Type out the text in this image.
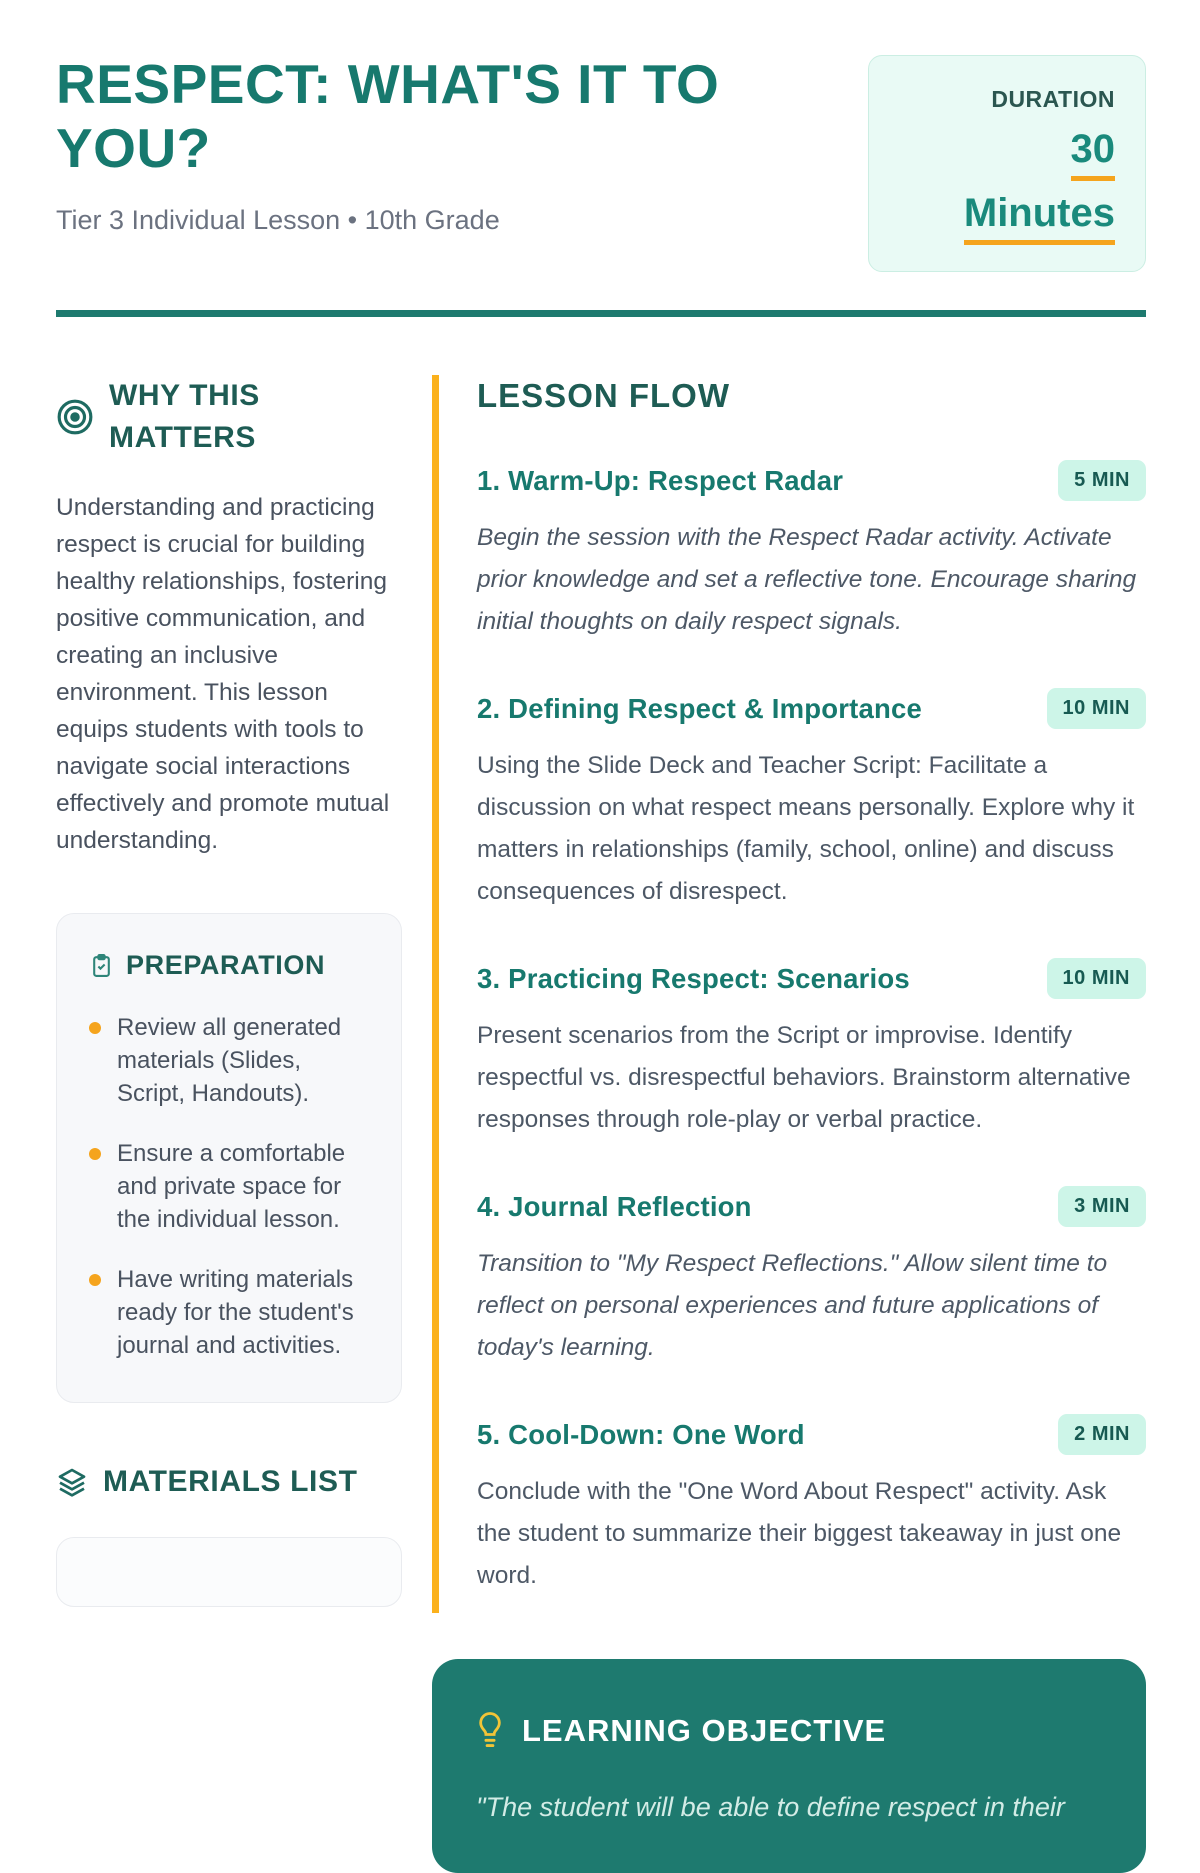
RESPECT: WHAT'S IT TO YOU?
Tier 3 Individual Lesson • 10th Grade
DURATION
30
Minutes
WHY THIS MATTERS

Understanding and practicing respect is crucial for building healthy relationships, fostering positive communication, and creating an inclusive environment. This lesson equips students with tools to navigate social interactions effectively and promote mutual understanding.

PREPARATION
Review all generated materials (Slides, Script, Handouts).
Ensure a comfortable and private space for the individual lesson.
Have writing materials ready for the student's journal and activities.
MATERIALS LIST
LESSON FLOW
1. Warm-Up: Respect Radar	5 MIN

Begin the session with the Respect Radar activity. Activate prior knowledge and set a reflective tone. Encourage sharing initial thoughts on daily respect signals.

2. Defining Respect & Importance	10 MIN

Using the Slide Deck and Teacher Script: Facilitate a discussion on what respect means personally. Explore why it matters in relationships (family, school, online) and discuss consequences of disrespect.

3. Practicing Respect: Scenarios	10 MIN

Present scenarios from the Script or improvise. Identify respectful vs. disrespectful behaviors. Brainstorm alternative responses through role-play or verbal practice.

4. Journal Reflection	3 MIN

Transition to "My Respect Reflections." Allow silent time to reflect on personal experiences and future applications of today's learning.

5. Cool-Down: One Word	2 MIN

Conclude with the "One Word About Respect" activity. Ask the student to summarize their biggest takeaway in just one word.

LEARNING OBJECTIVE

"The student will be able to define respect in their
